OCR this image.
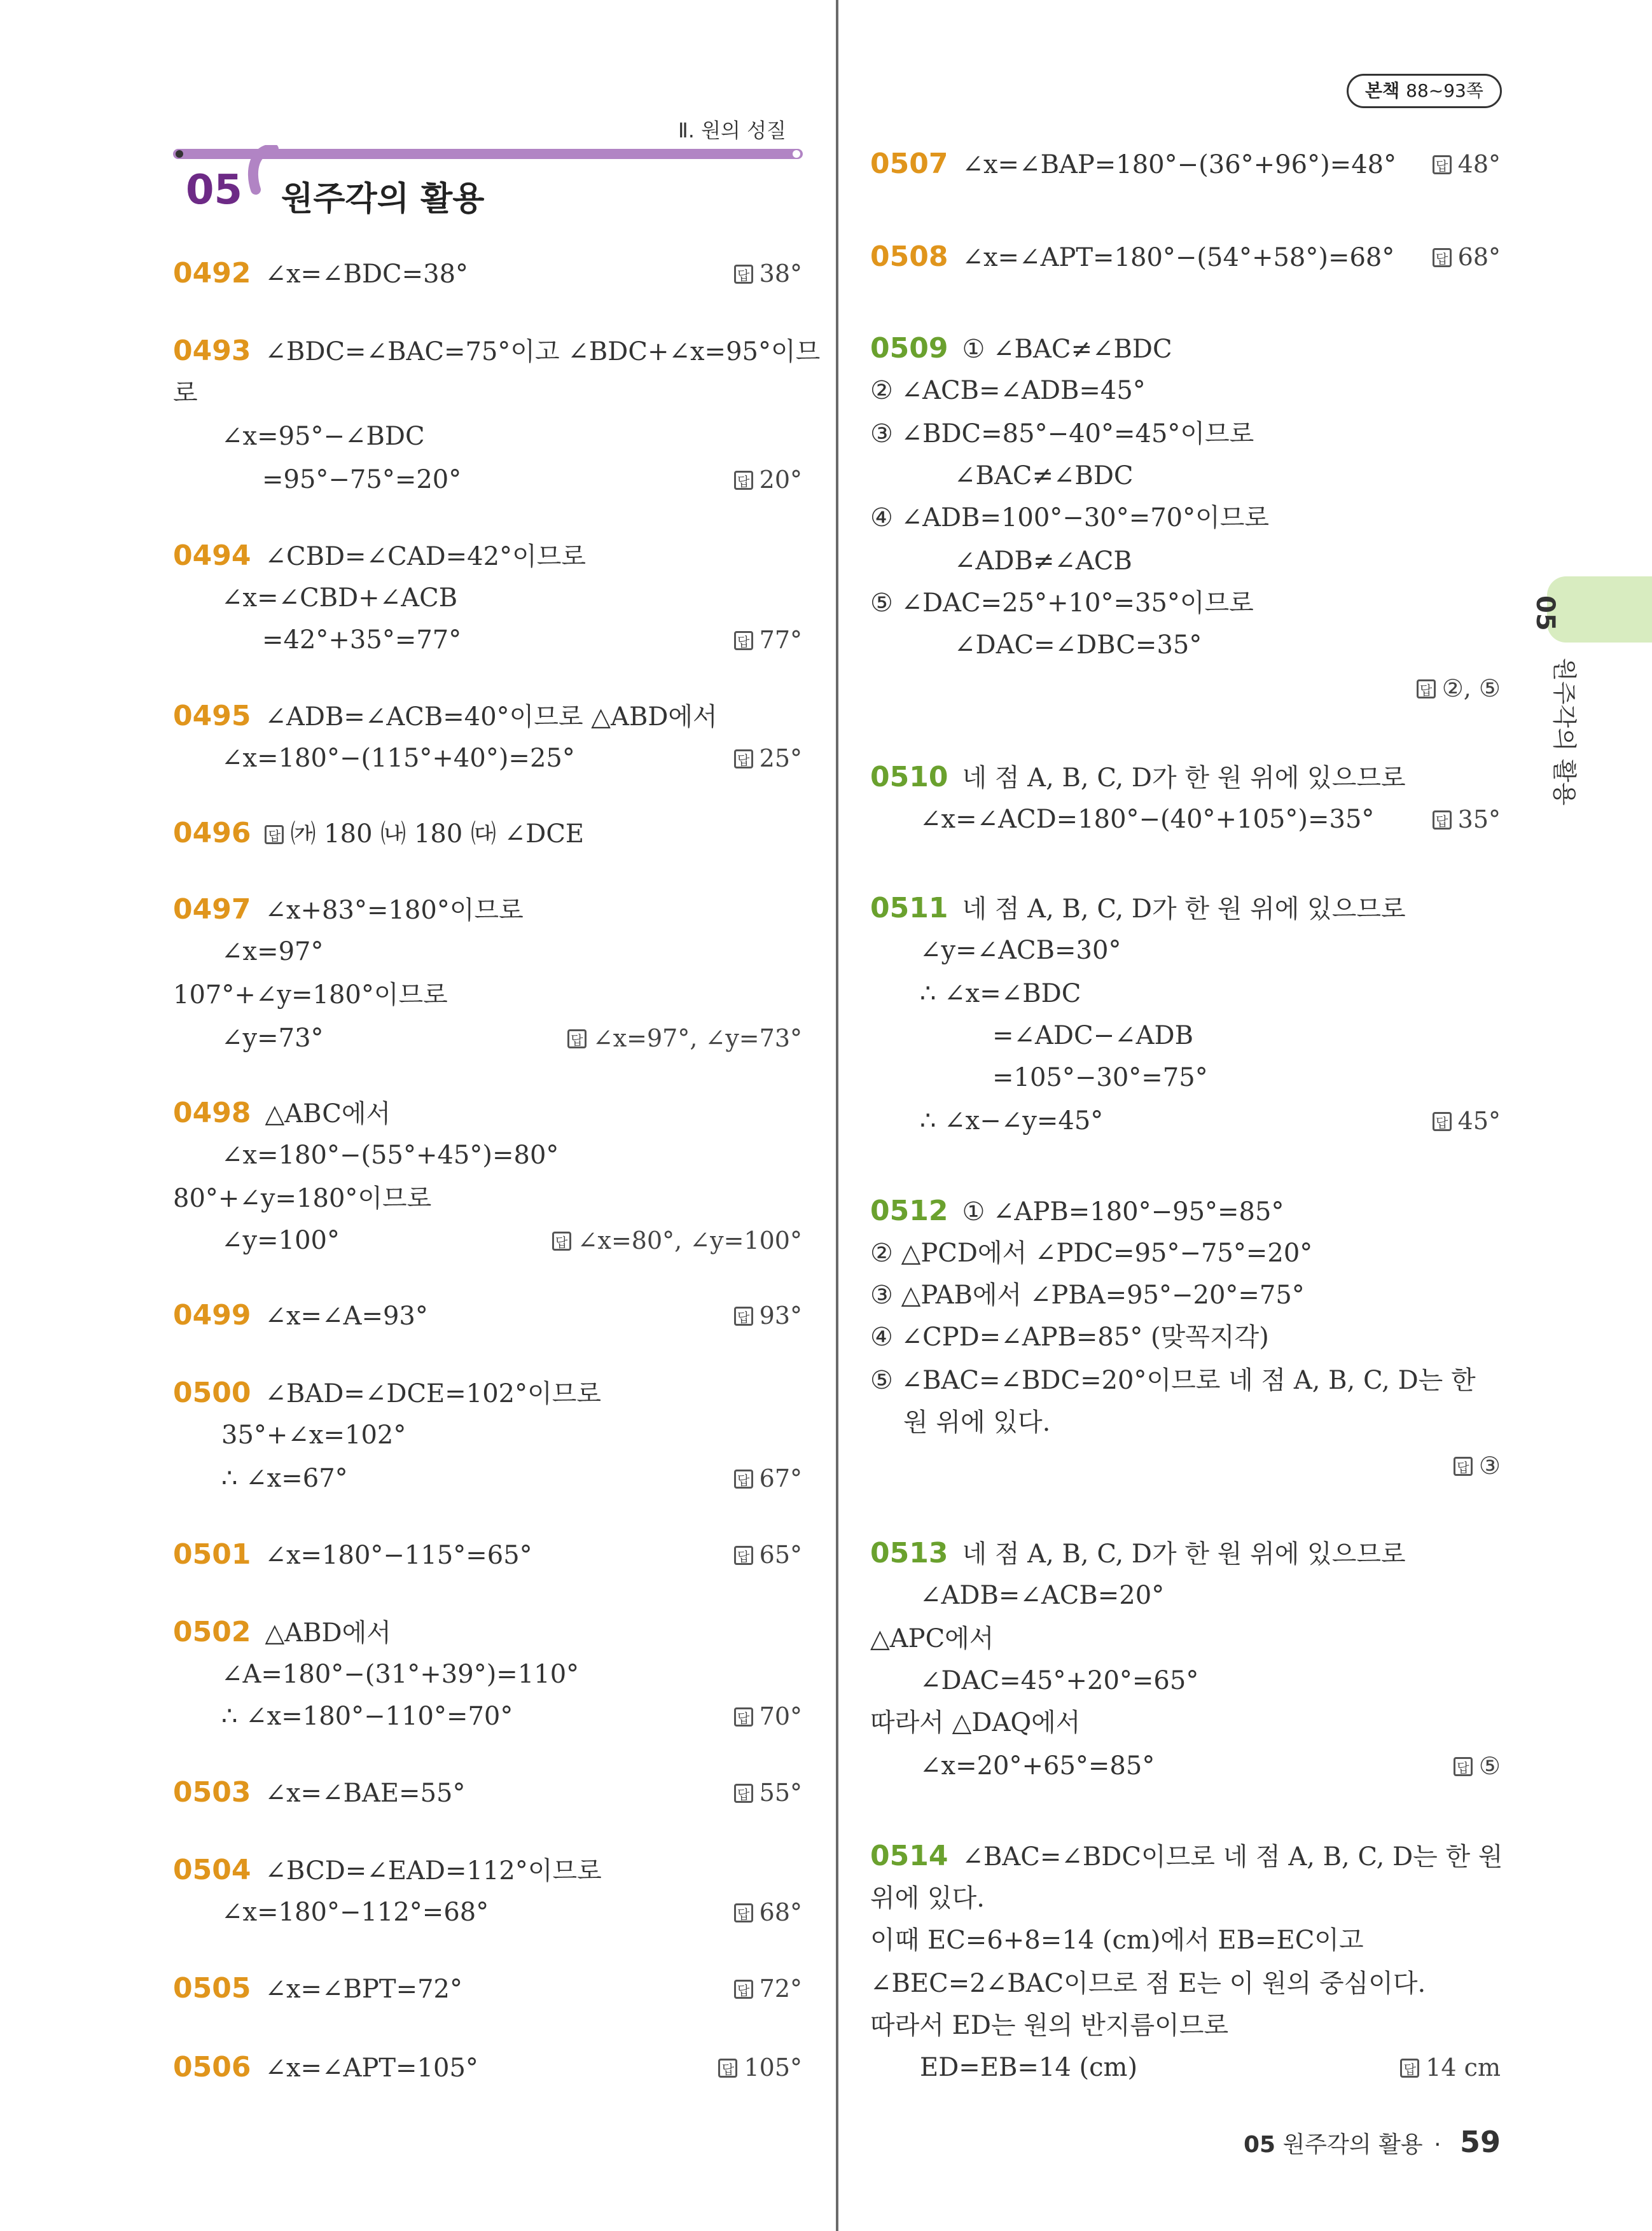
Ⅱ. 원의 성질
05 원주각의 활용
본책 88~93쪽
05
원주각의 활용
0492 ∠x=∠BDC=38°	답 38°
0493 ∠BDC=∠BAC=75°이고 ∠BDC+∠x=95°이므
로
∠x=95°−∠BDC
=95°−75°=20°	답 20°
0494 ∠CBD=∠CAD=42°이므로
∠x=∠CBD+∠ACB
=42°+35°=77°	답 77°
0495 ∠ADB=∠ACB=40°이므로 △ABD에서
∠x=180°−(115°+40°)=25°	답 25°
0496 답 ㈎ 180 ㈏ 180 ㈐ ∠DCE
0497 ∠x+83°=180°이므로
∠x=97°
107°+∠y=180°이므로
∠y=73°	답 ∠x=97°, ∠y=73°
0498 △ABC에서
∠x=180°−(55°+45°)=80°
80°+∠y=180°이므로
∠y=100°	답 ∠x=80°, ∠y=100°
0499 ∠x=∠A=93°	답 93°
0500 ∠BAD=∠DCE=102°이므로
35°+∠x=102°
∴ ∠x=67°	답 67°
0501 ∠x=180°−115°=65°	답 65°
0502 △ABD에서
∠A=180°−(31°+39°)=110°
∴ ∠x=180°−110°=70°	답 70°
0503 ∠x=∠BAE=55°	답 55°
0504 ∠BCD=∠EAD=112°이므로
∠x=180°−112°=68°	답 68°
0505 ∠x=∠BPT=72°	답 72°
0506 ∠x=∠APT=105°	답 105°
0507 ∠x=∠BAP=180°−(36°+96°)=48°	답 48°
0508 ∠x=∠APT=180°−(54°+58°)=68°	답 68°
0509 ① ∠BAC≠∠BDC
② ∠ACB=∠ADB=45°
③ ∠BDC=85°−40°=45°이므로
∠BAC≠∠BDC
④ ∠ADB=100°−30°=70°이므로
∠ADB≠∠ACB
⑤ ∠DAC=25°+10°=35°이므로
∠DAC=∠DBC=35°
답 ②, ⑤
0510 네 점 A, B, C, D가 한 원 위에 있으므로
∠x=∠ACD=180°−(40°+105°)=35°	답 35°
0511 네 점 A, B, C, D가 한 원 위에 있으므로
∠y=∠ACB=30°
∴ ∠x=∠BDC
=∠ADC−∠ADB
=105°−30°=75°
∴ ∠x−∠y=45°	답 45°
0512 ① ∠APB=180°−95°=85°
② △PCD에서 ∠PDC=95°−75°=20°
③ △PAB에서 ∠PBA=95°−20°=75°
④ ∠CPD=∠APB=85° (맞꼭지각)
⑤ ∠BAC=∠BDC=20°이므로 네 점 A, B, C, D는 한
원 위에 있다.
답 ③
0513 네 점 A, B, C, D가 한 원 위에 있으므로
∠ADB=∠ACB=20°
△APC에서
∠DAC=45°+20°=65°
따라서 △DAQ에서
∠x=20°+65°=85°	답 ⑤
0514 ∠BAC=∠BDC이므로 네 점 A, B, C, D는 한 원
위에 있다.
이때 EC=6+8=14 (cm)에서 EB=EC이고
∠BEC=2∠BAC이므로 점 E는 이 원의 중심이다.
따라서 ED는 원의 반지름이므로
ED=EB=14 (cm)	답 14 cm
05 원주각의 활용 · 59
